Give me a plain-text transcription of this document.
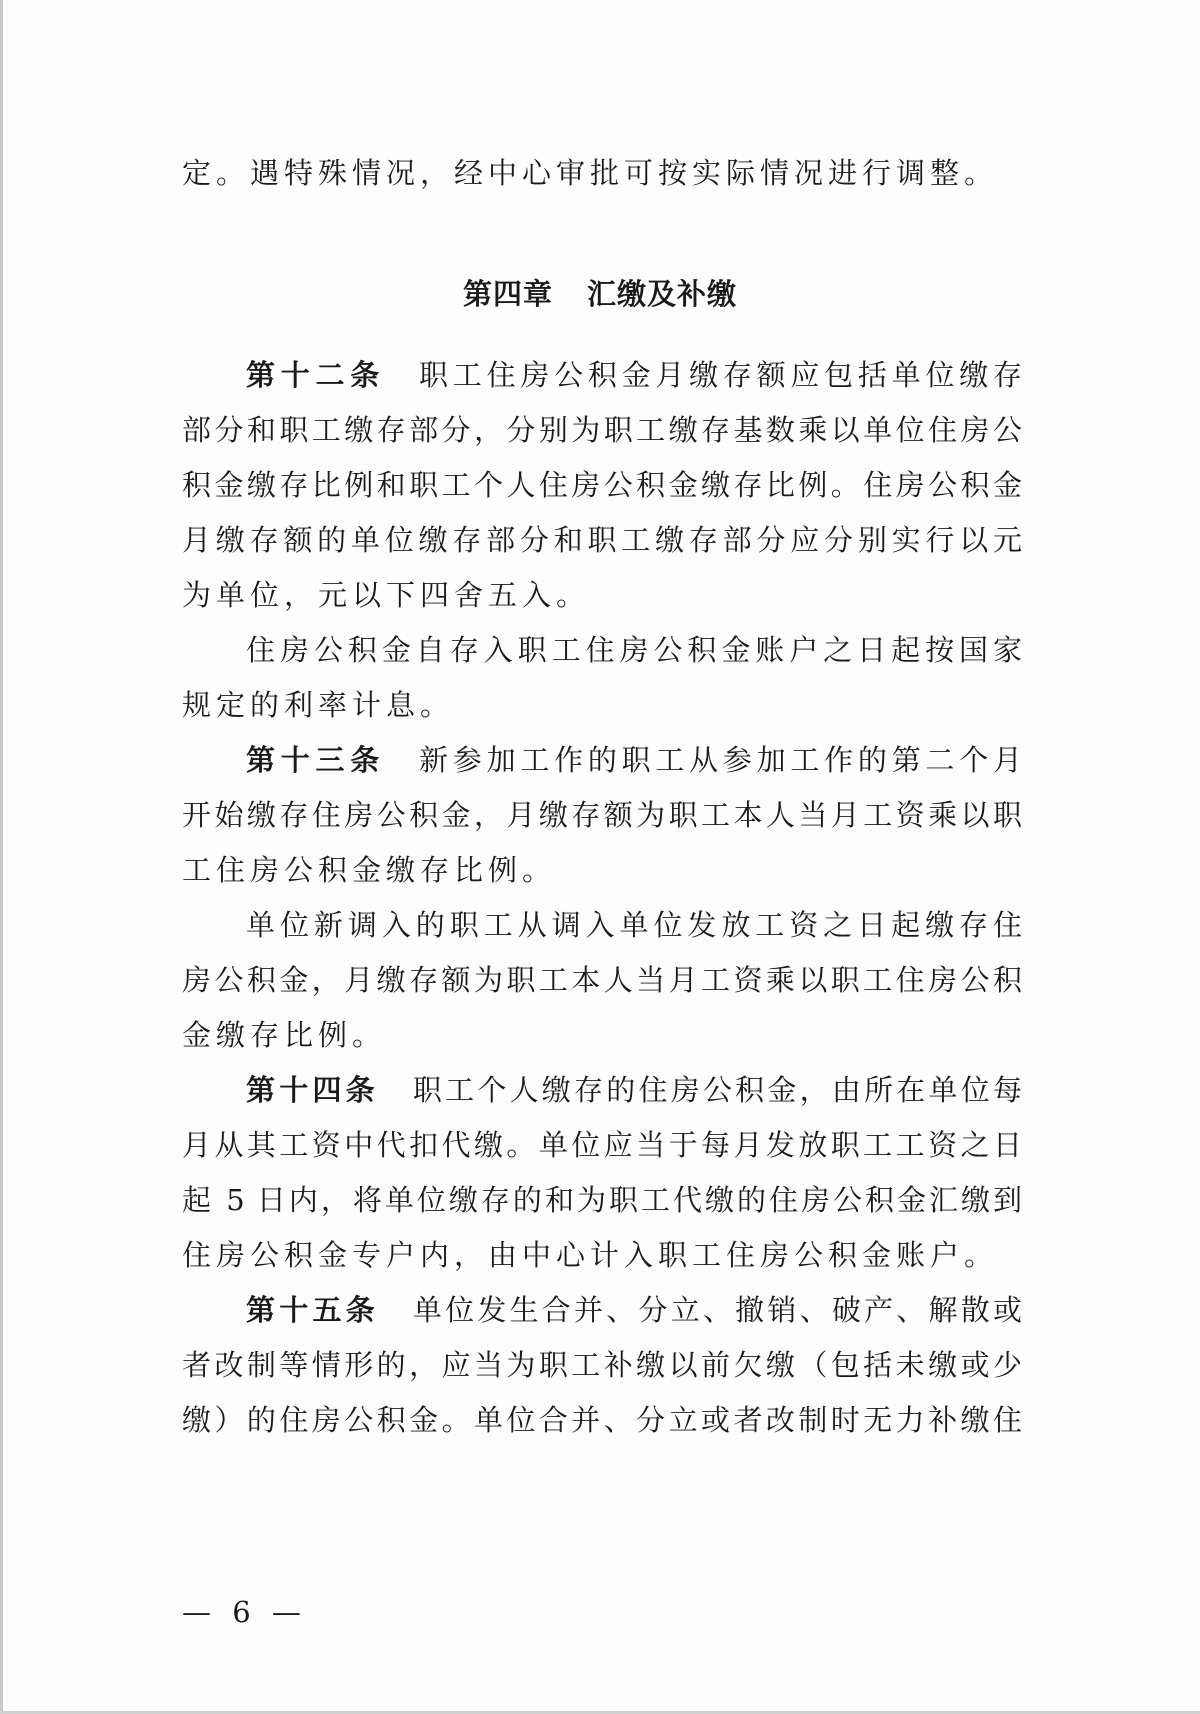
定。遇特殊情况，经中心审批可按实际情况进行调整。
第四章 汇缴及补缴
第十二条 职工住房公积金月缴存额应包括单位缴存
部分和职工缴存部分，分别为职工缴存基数乘以单位住房公
积金缴存比例和职工个人住房公积金缴存比例。住房公积金
月缴存额的单位缴存部分和职工缴存部分应分别实行以元
为单位，元以下四舍五入。
住房公积金自存入职工住房公积金账户之日起按国家
规定的利率计息。
第十三条 新参加工作的职工从参加工作的第二个月
开始缴存住房公积金，月缴存额为职工本人当月工资乘以职
工住房公积金缴存比例。
单位新调入的职工从调入单位发放工资之日起缴存住
房公积金，月缴存额为职工本人当月工资乘以职工住房公积
金缴存比例。
第十四条 职工个人缴存的住房公积金，由所在单位每
月从其工资中代扣代缴。单位应当于每月发放职工工资之日
起 5 日内，将单位缴存的和为职工代缴的住房公积金汇缴到
住房公积金专户内，由中心计入职工住房公积金账户。
第十五条 单位发生合并、分立、撤销、破产、解散或
者改制等情形的，应当为职工补缴以前欠缴（包括未缴或少
缴）的住房公积金。单位合并、分立或者改制时无力补缴住
— 6 —
